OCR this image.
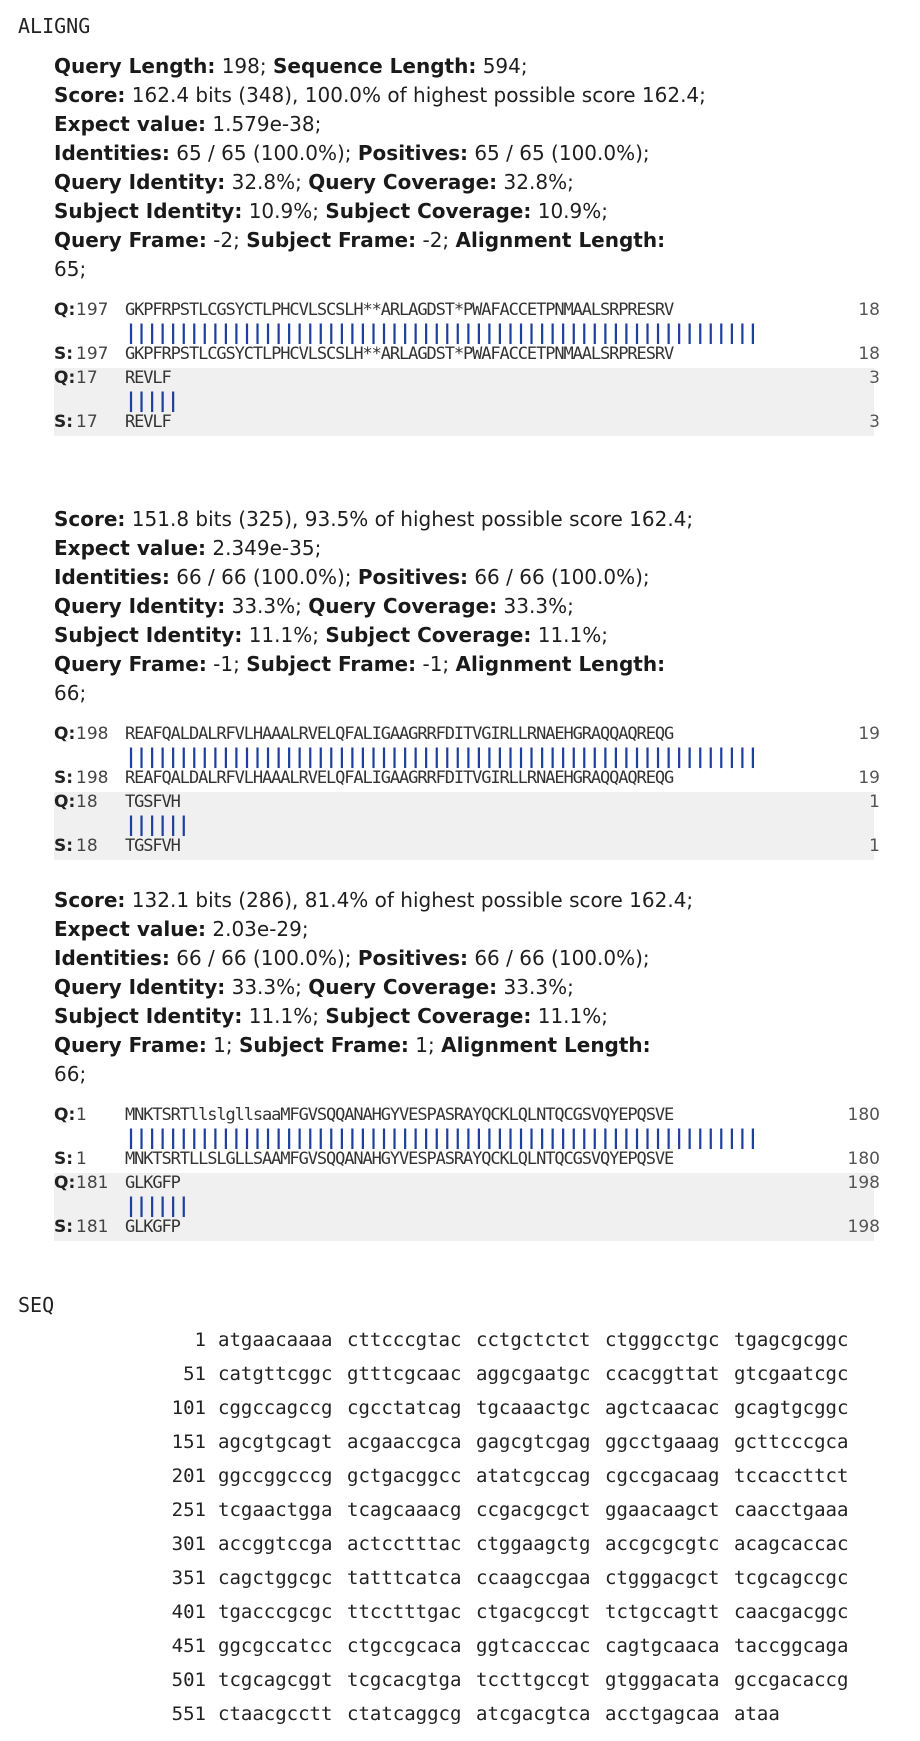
ALIGNG
Query Length: 198; Sequence Length: 594;
Score: 162.4 bits (348), 100.0% of highest possible score 162.4;
Expect value: 1.579e-38;
Identities: 65 / 65 (100.0%); Positives: 65 / 65 (100.0%);
Query Identity: 32.8%; Query Coverage: 32.8%;
Subject Identity: 10.9%; Subject Coverage: 10.9%;
Query Frame: -2; Subject Frame: -2; Alignment Length:
65;
Q: 197 GKPFRPSTLCGSYCTLPHCVLSCSLH**ARLAGDST*PWAFACCETPNMAALSRPRESRV	18
||||||||||||||||||||||||||||||||||||||||||||||||||||||||||||
S: 197 GKPFRPSTLCGSYCTLPHCVLSCSLH**ARLAGDST*PWAFACCETPNMAALSRPRESRV	18
Q: 17 REVLF	3
|||||
S: 17 REVLF	3
Score: 151.8 bits (325), 93.5% of highest possible score 162.4;
Expect value: 2.349e-35;
Identities: 66 / 66 (100.0%); Positives: 66 / 66 (100.0%);
Query Identity: 33.3%; Query Coverage: 33.3%;
Subject Identity: 11.1%; Subject Coverage: 11.1%;
Query Frame: -1; Subject Frame: -1; Alignment Length:
66;
Q: 198 REAFQALDALRFVLHAAALRVELQFALIGAAGRRFDITVGIRLLRNAEHGRAQQAQREQG	19
||||||||||||||||||||||||||||||||||||||||||||||||||||||||||||
S: 198 REAFQALDALRFVLHAAALRVELQFALIGAAGRRFDITVGIRLLRNAEHGRAQQAQREQG	19
Q: 18 TGSFVH	1
||||||
S: 18 TGSFVH	1
Score: 132.1 bits (286), 81.4% of highest possible score 162.4;
Expect value: 2.03e-29;
Identities: 66 / 66 (100.0%); Positives: 66 / 66 (100.0%);
Query Identity: 33.3%; Query Coverage: 33.3%;
Subject Identity: 11.1%; Subject Coverage: 11.1%;
Query Frame: 1; Subject Frame: 1; Alignment Length:
66;
Q: 1 MNKTSRTllslgllsaaMFGVSQQANAHGYVESPASRAYQCKLQLNTQCGSVQYEPQSVE	180
||||||||||||||||||||||||||||||||||||||||||||||||||||||||||||
S: 1 MNKTSRTLLSLGLLSAAMFGVSQQANAHGYVESPASRAYQCKLQLNTQCGSVQYEPQSVE	180
Q: 181 GLKGFP	198
||||||
S: 181 GLKGFP	198
SEQ
1 atgaacaaaa cttcccgtac cctgctctct ctgggcctgc tgagcgcggc
51 catgttcggc gtttcgcaac aggcgaatgc ccacggttat gtcgaatcgc
101 cggccagccg cgcctatcag tgcaaactgc agctcaacac gcagtgcggc
151 agcgtgcagt acgaaccgca gagcgtcgag ggcctgaaag gcttcccgca
201 ggccggcccg gctgacggcc atatcgccag cgccgacaag tccaccttct
251 tcgaactgga tcagcaaacg ccgacgcgct ggaacaagct caacctgaaa
301 accggtccga actcctttac ctggaagctg accgcgcgtc acagcaccac
351 cagctggcgc tatttcatca ccaagccgaa ctgggacgct tcgcagccgc
401 tgacccgcgc ttcctttgac ctgacgccgt tctgccagtt caacgacggc
451 ggcgccatcc ctgccgcaca ggtcacccac cagtgcaaca taccggcaga
501 tcgcagcggt tcgcacgtga tccttgccgt gtgggacata gccgacaccg
551 ctaacgcctt ctatcaggcg atcgacgtca acctgagcaa ataa
